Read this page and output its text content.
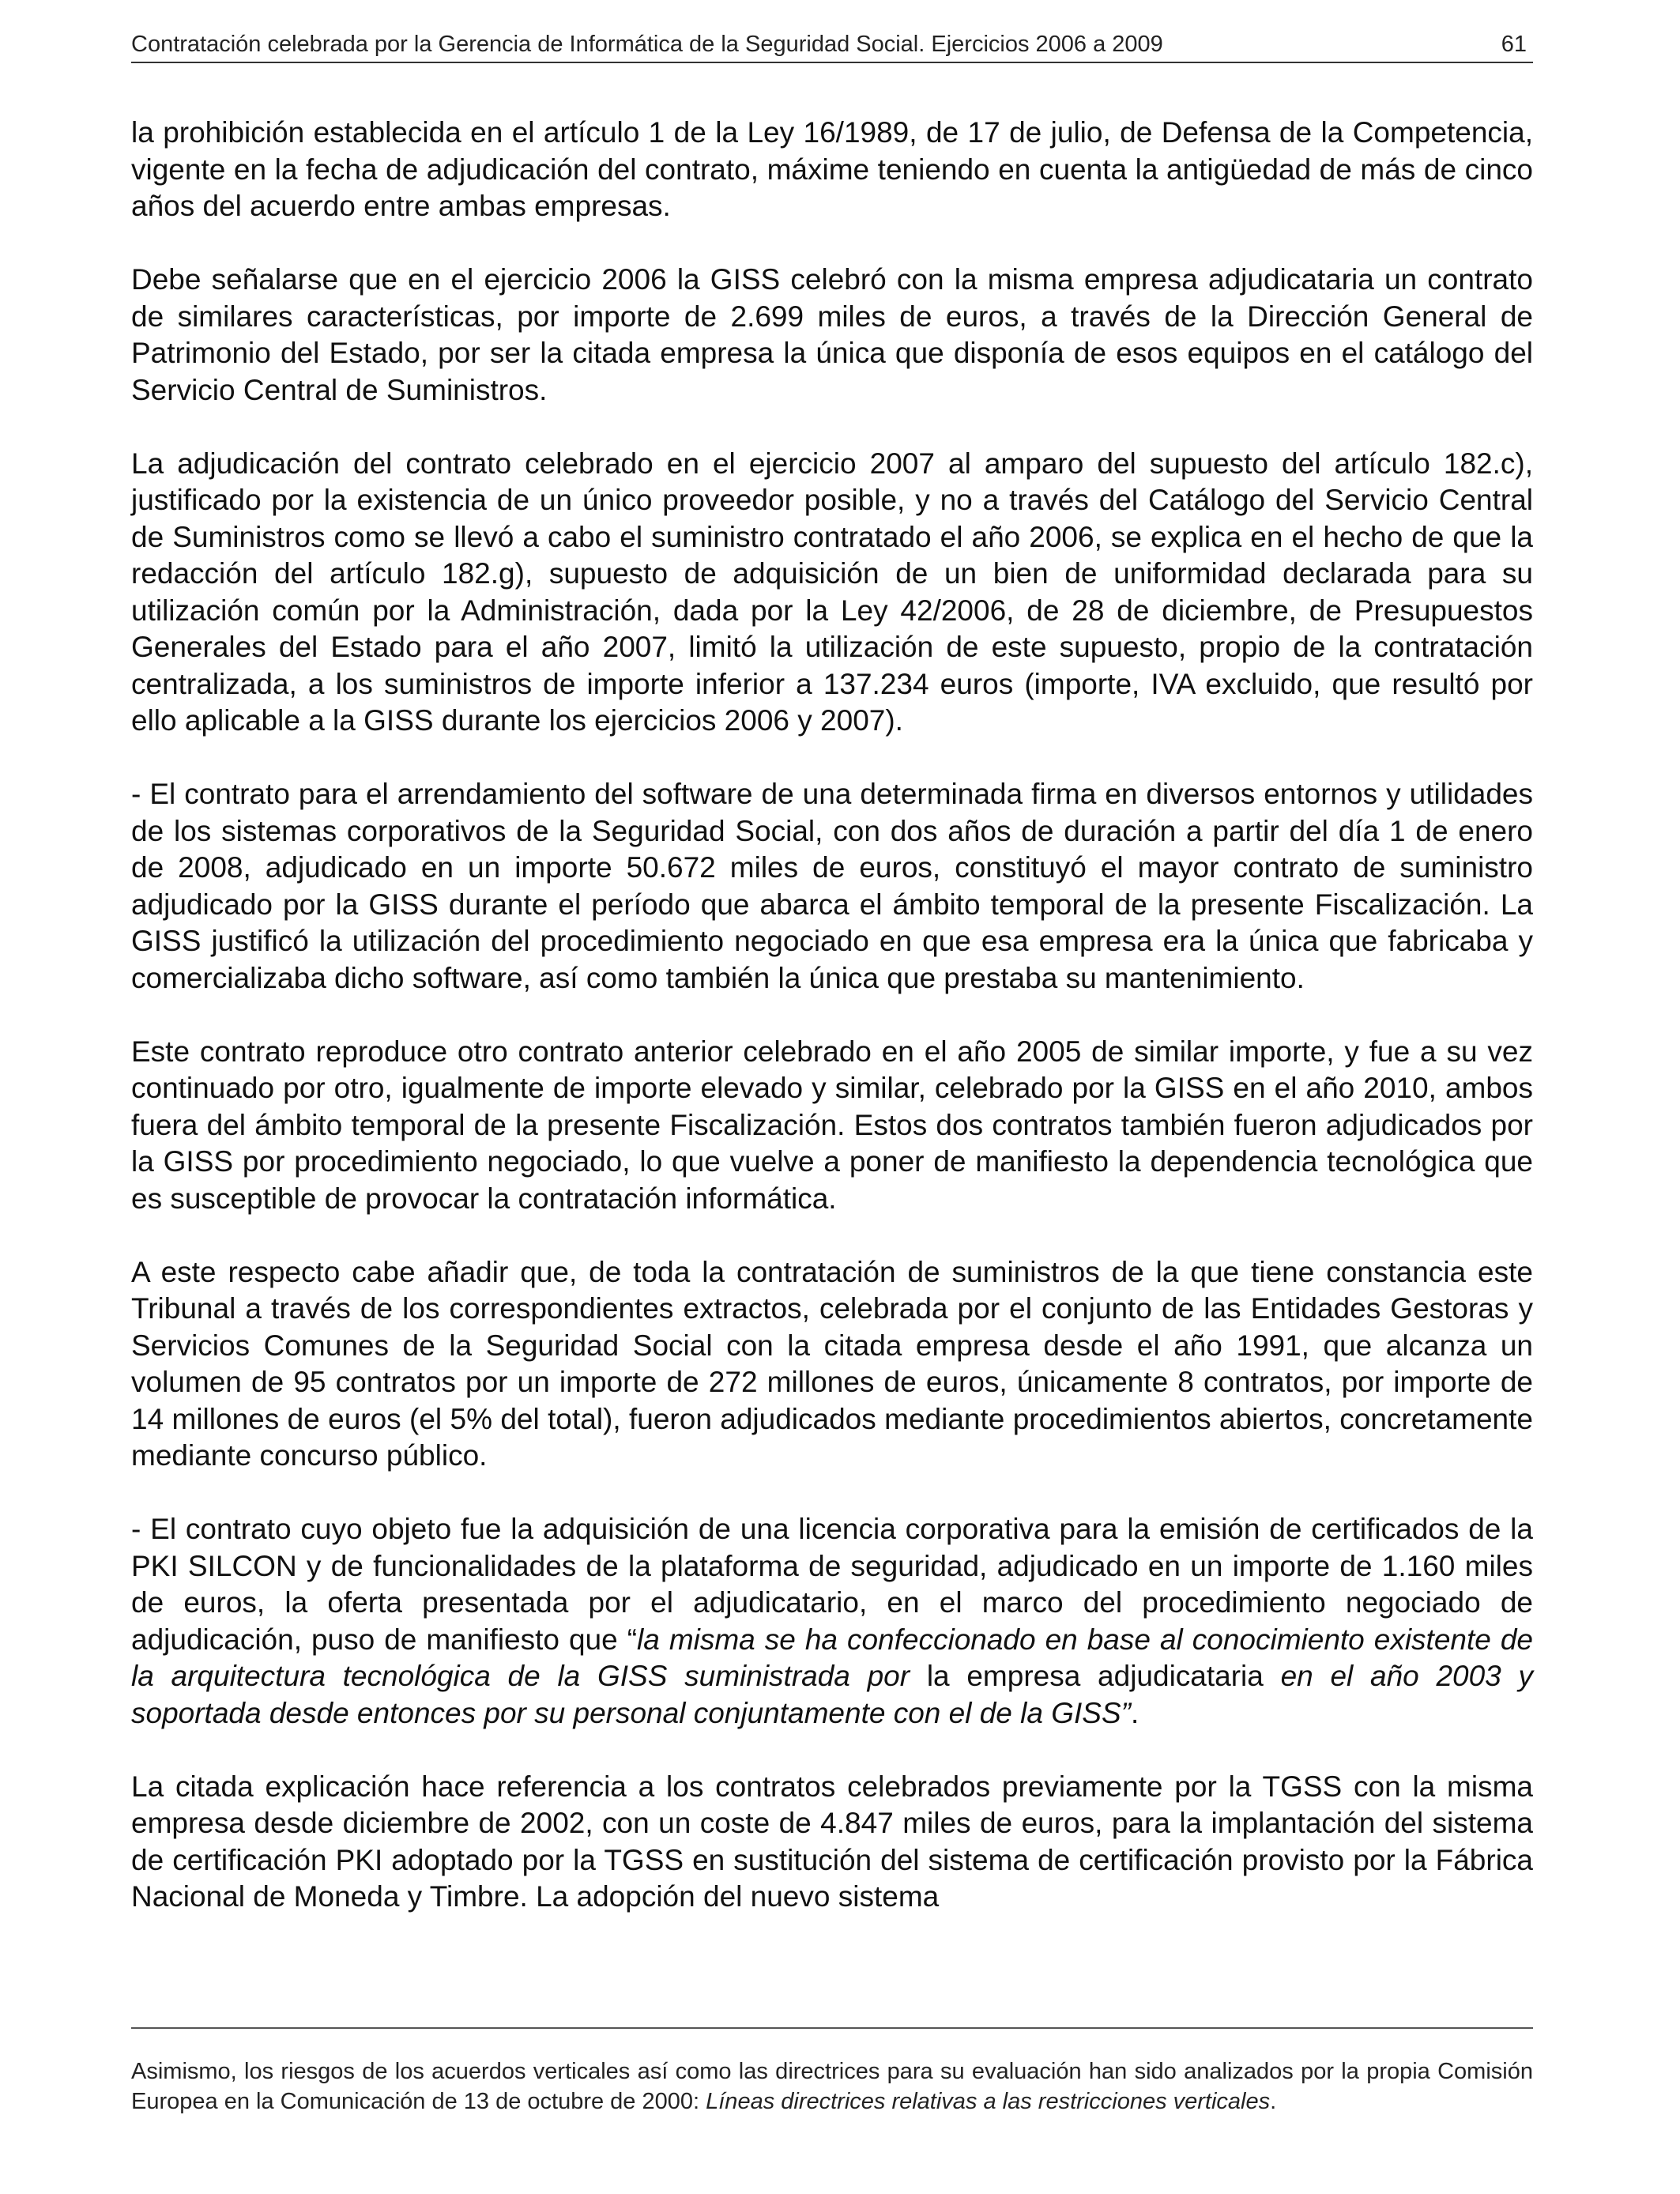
Contratación celebrada por la Gerencia de Informática de la Seguridad Social. Ejercicios 2006 a 2009	61

la prohibición establecida en el artículo 1 de la Ley 16/1989, de 17 de julio, de Defensa de la Competencia, vigente en la fecha de adjudicación del contrato, máxime teniendo en cuenta la antigüedad de más de cinco años del acuerdo entre ambas empresas.

Debe señalarse que en el ejercicio 2006 la GISS celebró con la misma empresa adjudicataria un contrato de similares características, por importe de 2.699 miles de euros, a través de la Dirección General de Patrimonio del Estado, por ser la citada empresa la única que disponía de esos equipos en el catálogo del Servicio Central de Suministros.

La adjudicación del contrato celebrado en el ejercicio 2007 al amparo del supuesto del artículo 182.c), justificado por la existencia de un único proveedor posible, y no a través del Catálogo del Servicio Central de Suministros como se llevó a cabo el suministro contratado el año 2006, se explica en el hecho de que la redacción del artículo 182.g), supuesto de adquisición de un bien de uniformidad declarada para su utilización común por la Administración, dada por la Ley 42/2006, de 28 de diciembre, de Presupuestos Generales del Estado para el año 2007, limitó la utilización de este supuesto, propio de la contratación centralizada, a los suministros de importe inferior a 137.234 euros (importe, IVA excluido, que resultó por ello aplicable a la GISS durante los ejercicios 2006 y 2007).

- El contrato para el arrendamiento del software de una determinada firma en diversos entornos y utilidades de los sistemas corporativos de la Seguridad Social, con dos años de duración a partir del día 1 de enero de 2008, adjudicado en un importe 50.672 miles de euros, constituyó el mayor contrato de suministro adjudicado por la GISS durante el período que abarca el ámbito temporal de la presente Fiscalización. La GISS justificó la utilización del procedimiento negociado en que esa empresa era la única que fabricaba y comercializaba dicho software, así como también la única que prestaba su mantenimiento.

Este contrato reproduce otro contrato anterior celebrado en el año 2005 de similar importe, y fue a su vez continuado por otro, igualmente de importe elevado y similar, celebrado por la GISS en el año 2010, ambos fuera del ámbito temporal de la presente Fiscalización. Estos dos contratos también fueron adjudicados por la GISS por procedimiento negociado, lo que vuelve a poner de manifiesto la dependencia tecnológica que es susceptible de provocar la contratación informática.

A este respecto cabe añadir que, de toda la contratación de suministros de la que tiene constancia este Tribunal a través de los correspondientes extractos, celebrada por el conjunto de las Entidades Gestoras y Servicios Comunes de la Seguridad Social con la citada empresa desde el año 1991, que alcanza un volumen de 95 contratos por un importe de 272 millones de euros, únicamente 8 contratos, por importe de 14 millones de euros (el 5% del total), fueron adjudicados mediante procedimientos abiertos, concretamente mediante concurso público.

- El contrato cuyo objeto fue la adquisición de una licencia corporativa para la emisión de certificados de la PKI SILCON y de funcionalidades de la plataforma de seguridad, adjudicado en un importe de 1.160 miles de euros, la oferta presentada por el adjudicatario, en el marco del procedimiento negociado de adjudicación, puso de manifiesto que “la misma se ha confeccionado en base al conocimiento existente de la arquitectura tecnológica de la GISS suministrada por la empresa adjudicataria en el año 2003 y soportada desde entonces por su personal conjuntamente con el de la GISS”.

La citada explicación hace referencia a los contratos celebrados previamente por la TGSS con la misma empresa desde diciembre de 2002, con un coste de 4.847 miles de euros, para la implantación del sistema de certificación PKI adoptado por la TGSS en sustitución del sistema de certificación provisto por la Fábrica Nacional de Moneda y Timbre. La adopción del nuevo sistema

Asimismo, los riesgos de los acuerdos verticales así como las directrices para su evaluación han sido analizados por la propia Comisión Europea en la Comunicación de 13 de octubre de 2000: Líneas directrices relativas a las restricciones verticales.
